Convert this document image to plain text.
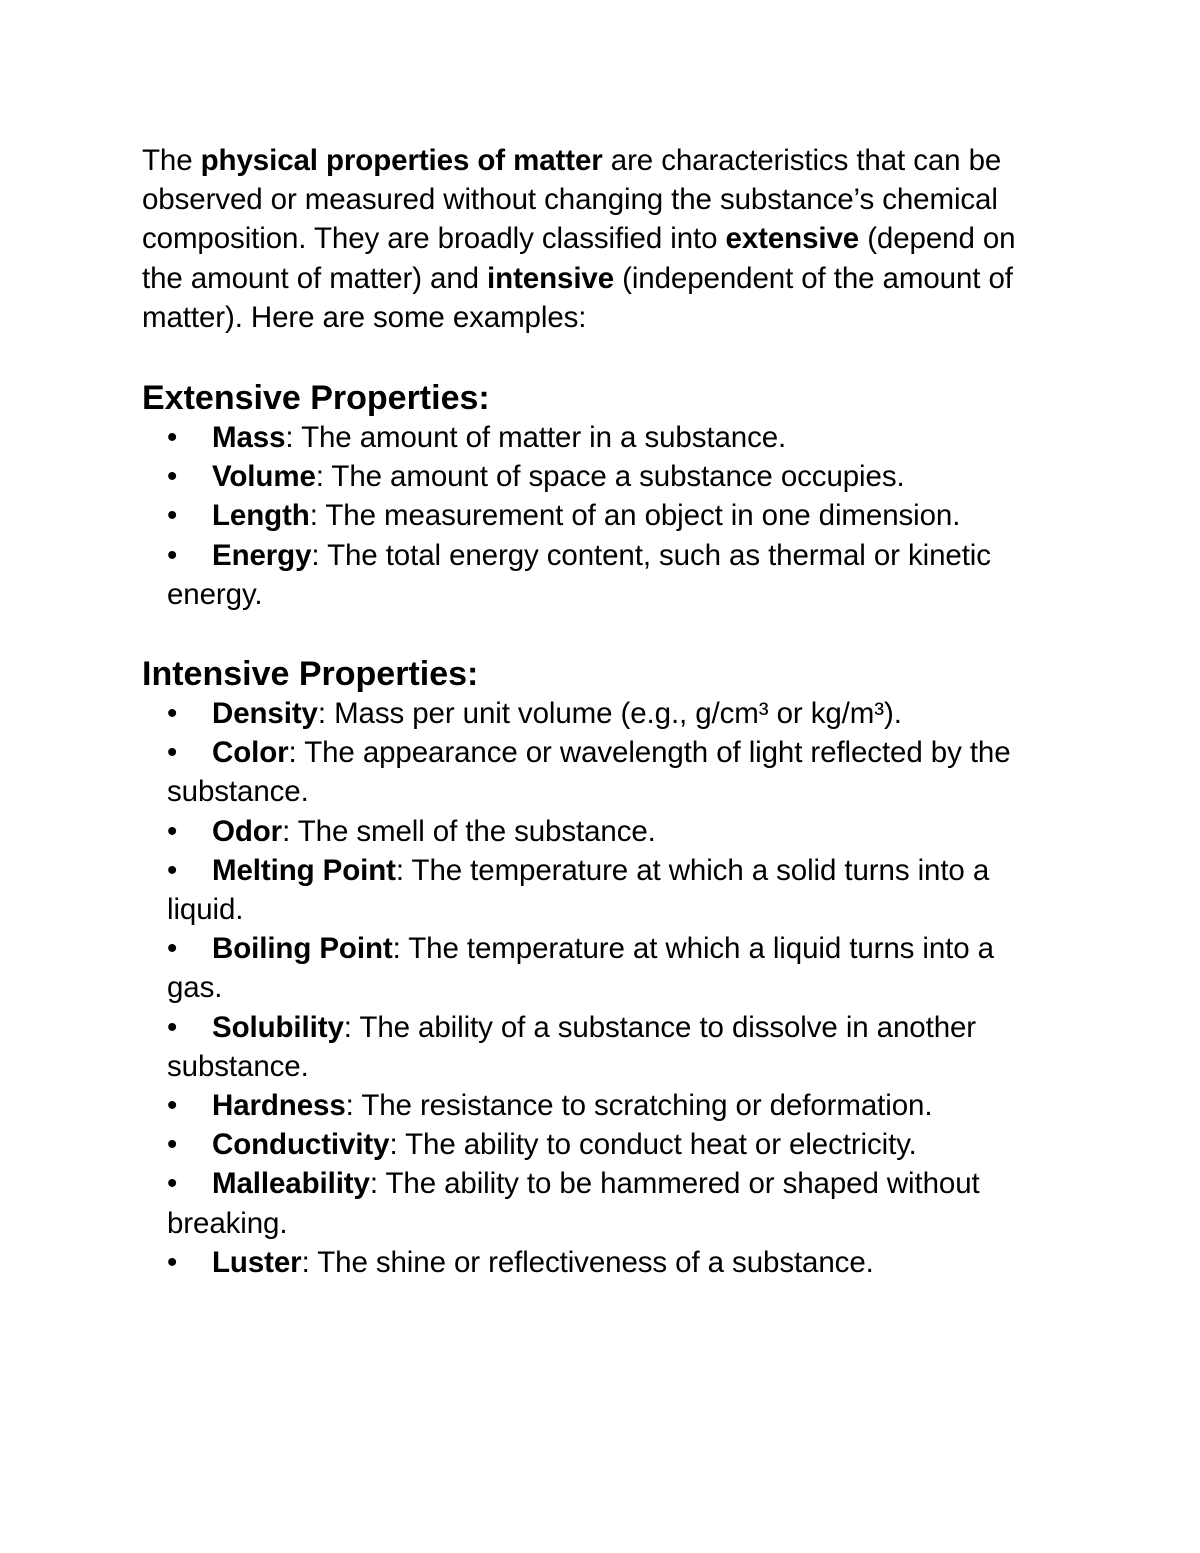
The physical properties of matter are characteristics that can be observed or measured without changing the substance’s chemical composition. They are broadly classified into extensive (depend on the amount of matter) and intensive (independent of the amount of matter). Here are some examples:

Extensive Properties:
• Mass: The amount of matter in a substance.
• Volume: The amount of space a substance occupies.
• Length: The measurement of an object in one dimension.
• Energy: The total energy content, such as thermal or kinetic energy.
Intensive Properties:
• Density: Mass per unit volume (e.g., g/cm³ or kg/m³).
• Color: The appearance or wavelength of light reflected by the substance.
• Odor: The smell of the substance.
• Melting Point: The temperature at which a solid turns into a liquid.
• Boiling Point: The temperature at which a liquid turns into a gas.
• Solubility: The ability of a substance to dissolve in another substance.
• Hardness: The resistance to scratching or deformation.
• Conductivity: The ability to conduct heat or electricity.
• Malleability: The ability to be hammered or shaped without breaking.
• Luster: The shine or reflectiveness of a substance.
